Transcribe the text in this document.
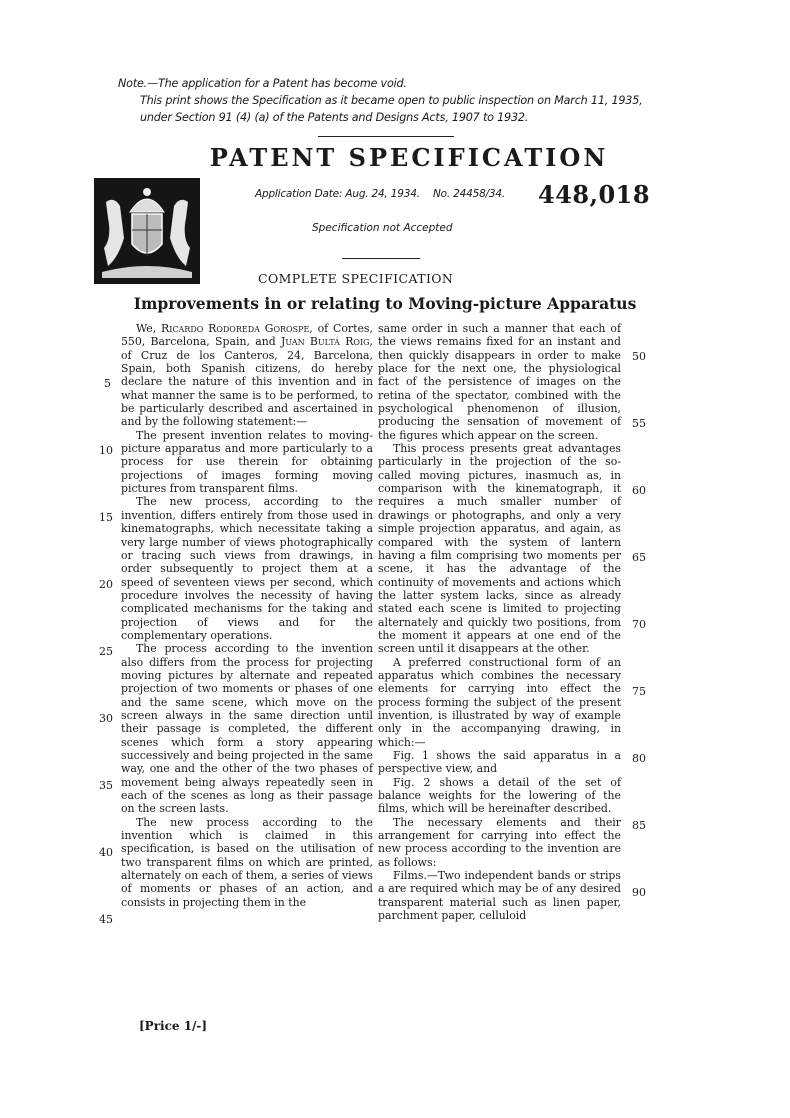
Note.—The application for a Patent has become void.
This print shows the Specification as it became open to public inspection on March 11, 1935,
under Section 91 (4) (a) of the Patents and Designs Acts, 1907 to 1932.
PATENT SPECIFICATION
Application Date: Aug. 24, 1934. No. 24458/34.	448,018
Specification not Accepted
COMPLETE SPECIFICATION
Improvements in or relating to Moving-picture Apparatus

We, Ricardo Rodoreda Gorospe, of Cortes, 550, Barcelona, Spain, and Juan Bultá Roig, of Cruz de los Canteros, 24, Barcelona, Spain, both Spanish citizens, do hereby declare the nature of this invention and in what manner the same is to be performed, to be particularly described and ascertained in and by the following statement:—

The present invention relates to moving-picture apparatus and more particularly to a process for use therein for obtaining projections of images forming moving pictures from transparent films.

The new process, according to the invention, differs entirely from those used in kinematographs, which necessitate taking a very large number of views photographically or tracing such views from drawings, in order subsequently to project them at a speed of seventeen views per second, which procedure involves the necessity of having complicated mechanisms for the taking and projection of views and for the complementary operations.

The process according to the invention also differs from the process for projecting moving pictures by alternate and repeated projection of two moments or phases of one and the same scene, which move on the screen always in the same direction until their passage is completed, the different scenes which form a story appearing successively and being projected in the same way, one and the other of the two phases of movement being always repeatedly seen in each of the scenes as long as their passage on the screen lasts.

The new process according to the invention which is claimed in this specification, is based on the utilisation of two transparent films on which are printed, alternately on each of them, a series of views of moments or phases of an action, and consists in projecting them in the

5
10
15
20
25
30
35
40
45
[Price 1/-]

same order in such a manner that each of the views remains fixed for an instant and then quickly disappears in order to make place for the next one, the physiological fact of the persistence of images on the retina of the spectator, combined with the psychological phenomenon of illusion, producing the sensation of movement of the figures which appear on the screen.

This process presents great advantages particularly in the projection of the so-called moving pictures, inasmuch as, in comparison with the kinematograph, it requires a much smaller number of drawings or photographs, and only a very simple projection apparatus, and again, as compared with the system of lantern having a film comprising two moments per scene, it has the advantage of the continuity of movements and actions which the latter system lacks, since as already stated each scene is limited to projecting alternately and quickly two positions, from the moment it appears at one end of the screen until it disappears at the other.

A preferred constructional form of an apparatus which combines the necessary elements for carrying into effect the process forming the subject of the present invention, is illustrated by way of example only in the accompanying drawing, in which:—

Fig. 1 shows the said apparatus in a perspective view, and

Fig. 2 shows a detail of the set of balance weights for the lowering of the films, which will be hereinafter described.

The necessary elements and their arrangement for carrying into effect the new process according to the invention are as follows:

Films.—Two independent bands or strips a are required which may be of any desired transparent material such as linen paper, parchment paper, celluloid

50
55
60
65
70
75
80
85
90
